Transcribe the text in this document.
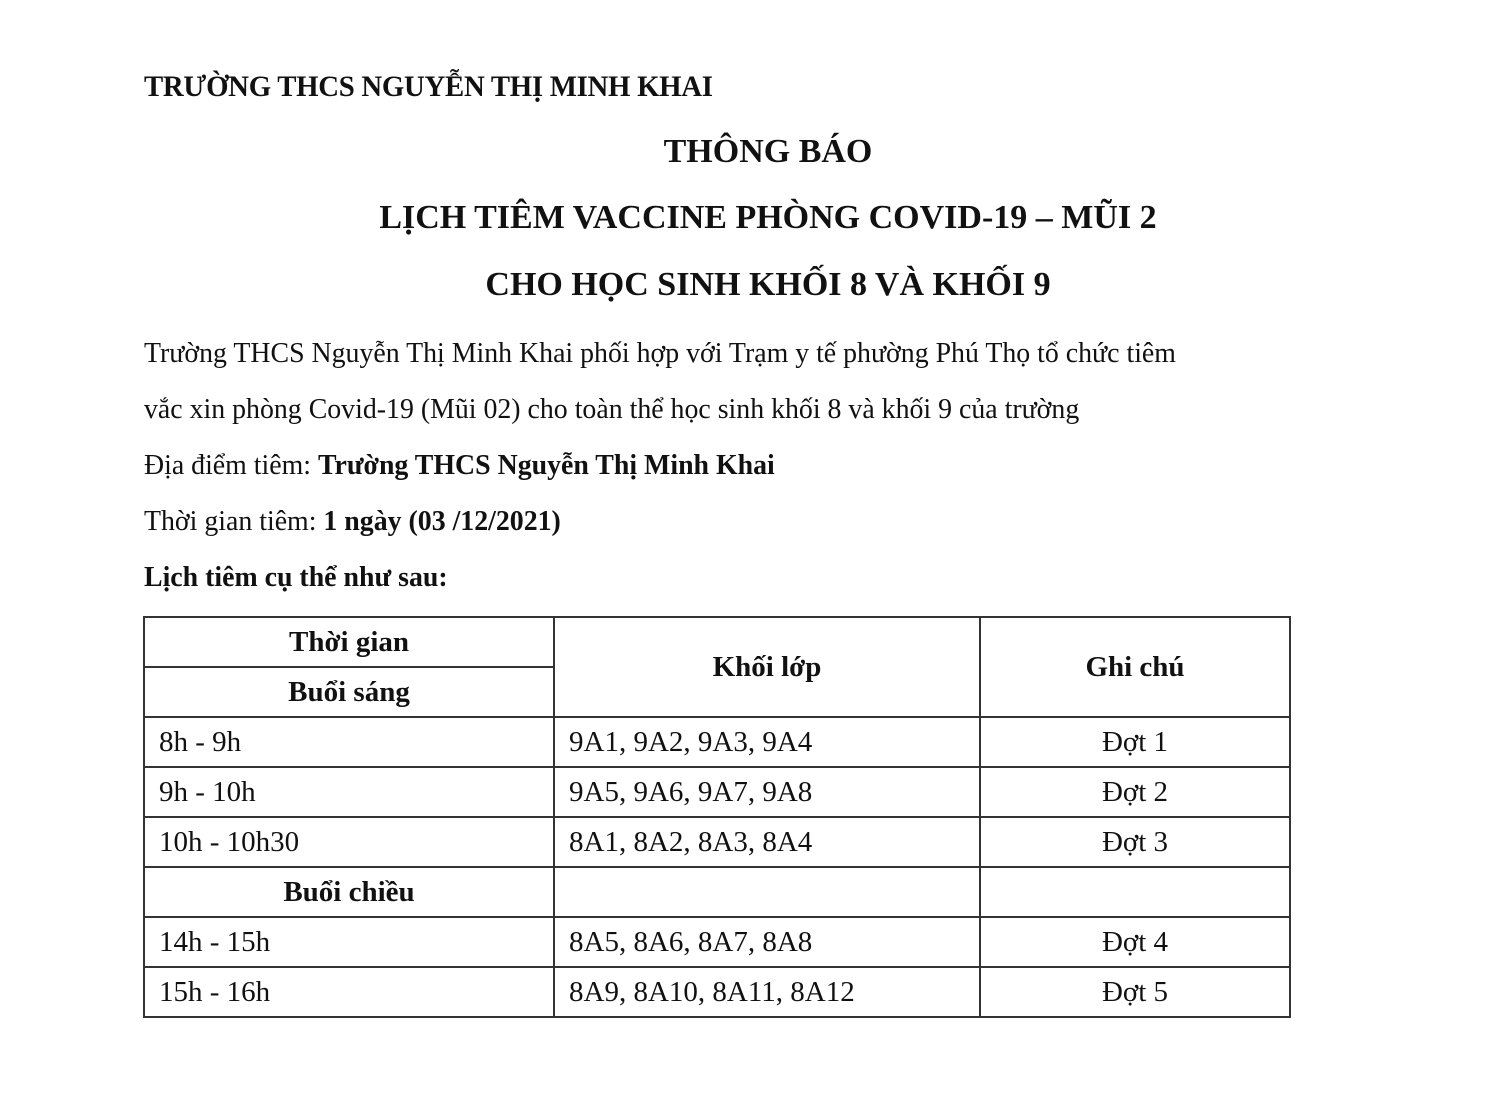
TRƯỜNG THCS NGUYỄN THỊ MINH KHAI
THÔNG BÁO
LỊCH TIÊM VACCINE PHÒNG COVID-19 – MŨI 2
CHO HỌC SINH KHỐI 8 VÀ KHỐI 9
Trường THCS Nguyễn Thị Minh Khai phối hợp với Trạm y tế phường Phú Thọ tổ chức tiêm
vắc xin phòng Covid-19 (Mũi 02) cho toàn thể học sinh khối 8 và khối 9 của trường
Địa điểm tiêm: Trường THCS Nguyễn Thị Minh Khai
Thời gian tiêm: 1 ngày (03 /12/2021)
Lịch tiêm cụ thể như sau:
Thời gian	Khối lớp	Ghi chú
Buổi sáng		
8h - 9h	9A1, 9A2, 9A3, 9A4	Đợt 1
9h - 10h	9A5, 9A6, 9A7, 9A8	Đợt 2
10h - 10h30	8A1, 8A2, 8A3, 8A4	Đợt 3
Buổi chiều		
14h - 15h	8A5, 8A6, 8A7, 8A8	Đợt 4
15h - 16h	8A9, 8A10, 8A11, 8A12	Đợt 5
